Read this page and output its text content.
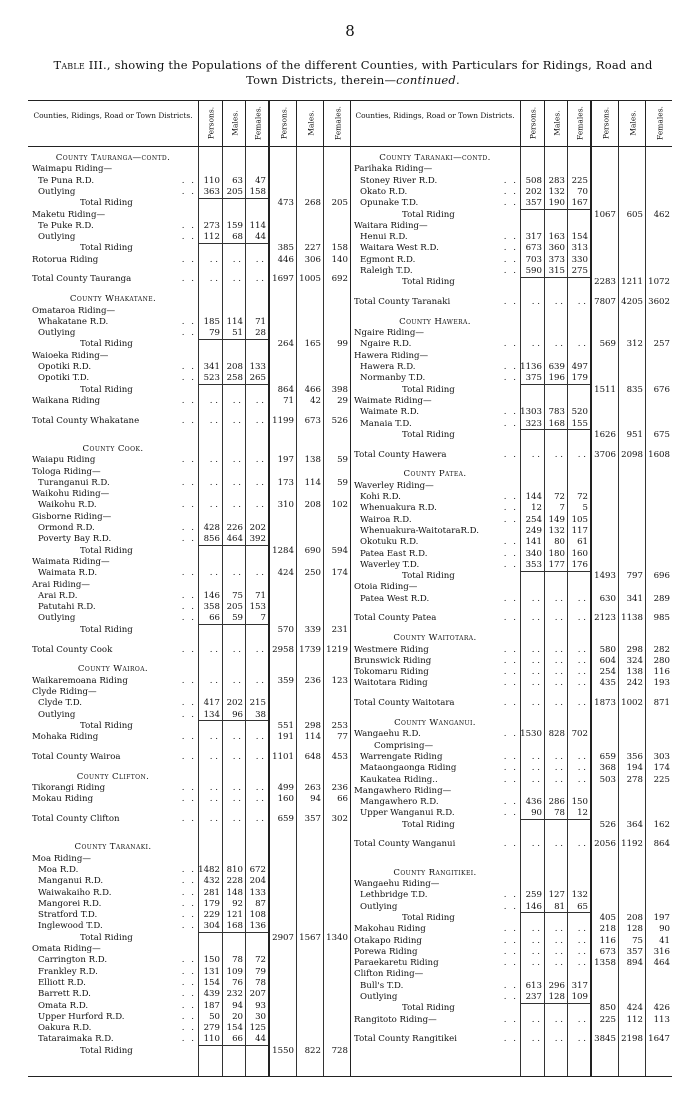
8
Table III., showing the Populations of the different Counties, with Particulars for Ridings, Road and Town Districts, therein—continued.
Counties, Ridings, Road or Town Districts.	Persons. Males. Females. Persons. Males. Females.
County Tauranga—contd.
Waimapu Riding—
Te Puna R.D.	. . 110	63	47
Outlying	. . 363 205 158
Total Riding	473	268	205
Maketu Riding—
Te Puke R.D.	. . 273 159 114
Outlying	. . 112	68	44
Total Riding	385	227	158
Rotorua Riding	. .	. .	. .	. .	446	306	140
Total County Tauranga	. .	. .	. .	. . 1697 1005	692
County Whakatane.
Omataroa Riding—
Whakatane R.D.	. . 185 114	71
Outlying	. .	79	51	28
Total Riding	264	165	99
Waioeka Riding—
Opotiki R.D.	. . 341 208 133
Opotiki T.D.	. . 523 258 265
Total Riding	864	466	398
Waikana Riding	. .	. .	. .	. .	71	42	29
Total County Whakatane	. .	. .	. .	. . 1199	673	526
County Cook.
Waiapu Riding	. .	. .	. .	. .	197	138	59
Tologa Riding—
Turanganui R.D.	. .	. .	. .	. .	173	114	59
Waikohu Riding—
Waikohu R.D.	. .	. .	. .	. .	310	208	102
Gisborne Riding—
Ormond R.D.	. . 428 226 202
Poverty Bay R.D.	. . 856 464 392
Total Riding	1284	690	594
Waimata Riding—
Waimata R.D.	. .	. .	. .	. .	424	250	174
Arai Riding—
Arai R.D.	. . 146	75	71
Patutahi R.D.	. . 358 205 153
Outlying	. .	66	59	7
Total Riding	570	339	231
Total County Cook	. .	. .	. .	. . 2958 1739 1219
County Wairoa.
Waikaremoana Riding	. .	. .	. .	. .	359	236	123
Clyde Riding—
Clyde T.D.	. . 417 202 215
Outlying	. . 134	96	38
Total Riding	551	298	253
Mohaka Riding	. .	. .	. .	. .	191	114	77
Total County Wairoa	. .	. .	. .	. . 1101	648	453
County Clifton.
Tikorangi Riding	. .	. .	. .	. .	499	263	236
Mokau Riding	. .	. .	. .	. .	160	94	66
Total County Clifton	. .	. .	. .	. .	659	357	302
County Taranaki.
Moa Riding—
Moa R.D.	. . 1482 810 672
Manganui R.D.	. . 432 228 204
Waiwakaiho R.D.	. . 281 148 133
Mangorei R.D.	. . 179	92	87
Stratford T.D.	. . 229 121 108
Inglewood T.D.	. . 304 168 136
Total Riding	2907 1567 1340
Omata Riding—
Carrington R.D.	. . 150	78	72
Frankley R.D.	. . 131 109	79
Elliott R.D.	. . 154	76	78
Barrett R.D.	. . 439 232 207
Omata R.D.	. . 187	94	93
Upper Hurford R.D.	. .	50	20	30
Oakura R.D.	. . 279 154 125
Tataraimaka R.D.	. . 110	66	44
Total Riding	1550	822	728
Counties, Ridings, Road or Town Districts.	Persons. Males. Females. Persons. Males. Females.
County Taranaki—contd.
Parihaka Riding—
Stoney River R.D.	. . 508 283 225
Okato R.D.	. . 202 132	70
Opunake T.D.	. . 357 190 167
Total Riding	1067	605	462
Waitara Riding—
Henui R.D.	. . 317 163 154
Waitara West R.D.	. . 673 360 313
Egmont R.D.	. . 703 373 330
Raleigh T.D.	. . 590 315 275
Total Riding	2283 1211 1072
Total County Taranaki	. .	. .	. .	. . 7807 4205 3602
County Hawera.
Ngaire Riding—
Ngaire R.D.	. .	. .	. .	. .	569	312	257
Hawera Riding—
Hawera R.D.	. . 1136 639 497
Normanby T.D.	. . 375 196 179
Total Riding	1511	835	676
Waimate Riding—
Waimate R.D.	. . 1303 783 520
Manaia T.D.	. . 323 168 155
Total Riding	1626	951	675
Total County Hawera	. .	. .	. .	. . 3706 2098 1608
County Patea.
Waverley Riding—
Kohi R.D.	. . 144	72	72
Whenuakura R.D.	. .	12	7	5
Wairoa R.D.	. . 254 149 105
Whenuakura-WaitotaraR.D.	249 132 117
Okotuku R.D.	. . 141	80	61
Patea East R.D.	. . 340 180 160
Waverley T.D.	. . 353 177 176
Total Riding	1493	797	696
Otoia Riding—
Patea West R.D.	. .	. .	. .	. .	630	341	289
Total County Patea	. .	. .	. .	. . 2123 1138	985
County Waitotara.
Westmere Riding	. .	. .	. .	. .	580	298	282
Brunswick Riding	. .	. .	. .	. .	604	324	280
Tokomaru Riding	. .	. .	. .	. .	254	138	116
Waitotara Riding	. .	. .	. .	. .	435	242	193
Total County Waitotara	. .	. .	. .	. . 1873 1002	871
County Wanganui.
Wangaehu R.D.	. . 1530 828 702
Comprising—
Warrengate Riding	. .	. .	. .	. .	659	356	303
Mataongaonga Riding	. .	. .	. .	. .	368	194	174
Kaukatea Riding..	. .	. .	. .	. .	503	278	225
Mangawhero Riding—
Mangawhero R.D.	. . 436 286 150
Upper Wanganui R.D.	. .	90	78	12
Total Riding	526	364	162
Total County Wanganui	. .	. .	. .	. . 2056 1192	864
County Rangitikei.
Wangaehu Riding—
Lethbridge T.D.	. . 259 127 132
Outlying	. . 146	81	65
Total Riding	405	208	197
Makohau Riding	. .	. .	. .	. .	218	128	90
Otakapo Riding	. .	. .	. .	. .	116	75	41
Porewa Riding	. .	. .	. .	. .	673	357	316
Paraekaretu Riding	. .	. .	. .	. . 1358	894	464
Clifton Riding—
Bull's T.D.	. . 613 296 317
Outlying	. . 237 128 109
Total Riding	850	424	426
Rangitoto Riding—	. .	. .	. .	. .	225	112	113
Total County Rangitikei	. .	. .	. .	. . 3845 2198 1647
